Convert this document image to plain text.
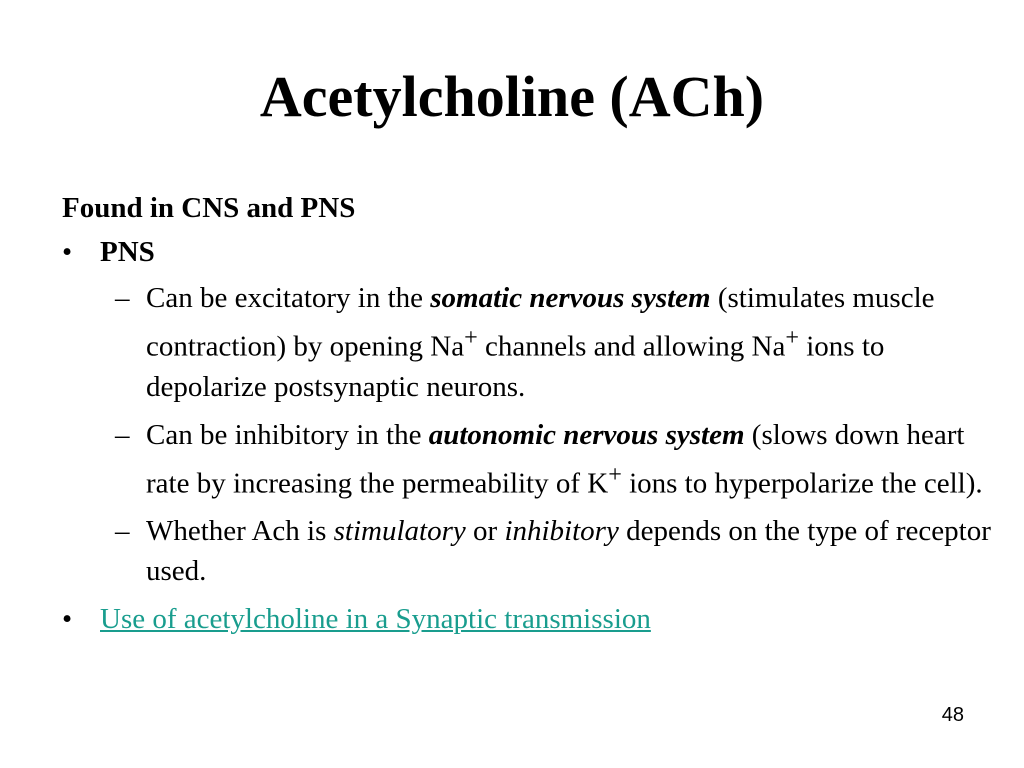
Acetylcholine (ACh)

Found in CNS and PNS

• PNS
– Can be excitatory in the somatic nervous system (stimulates muscle contraction) by opening Na+ channels and allowing Na+ ions to depolarize postsynaptic neurons.
– Can be inhibitory in the autonomic nervous system (slows down heart rate by increasing the permeability of K+ ions to hyperpolarize the cell).
– Whether Ach is stimulatory or inhibitory depends on the type of receptor used.
• Use of acetylcholine in a Synaptic transmission
48
